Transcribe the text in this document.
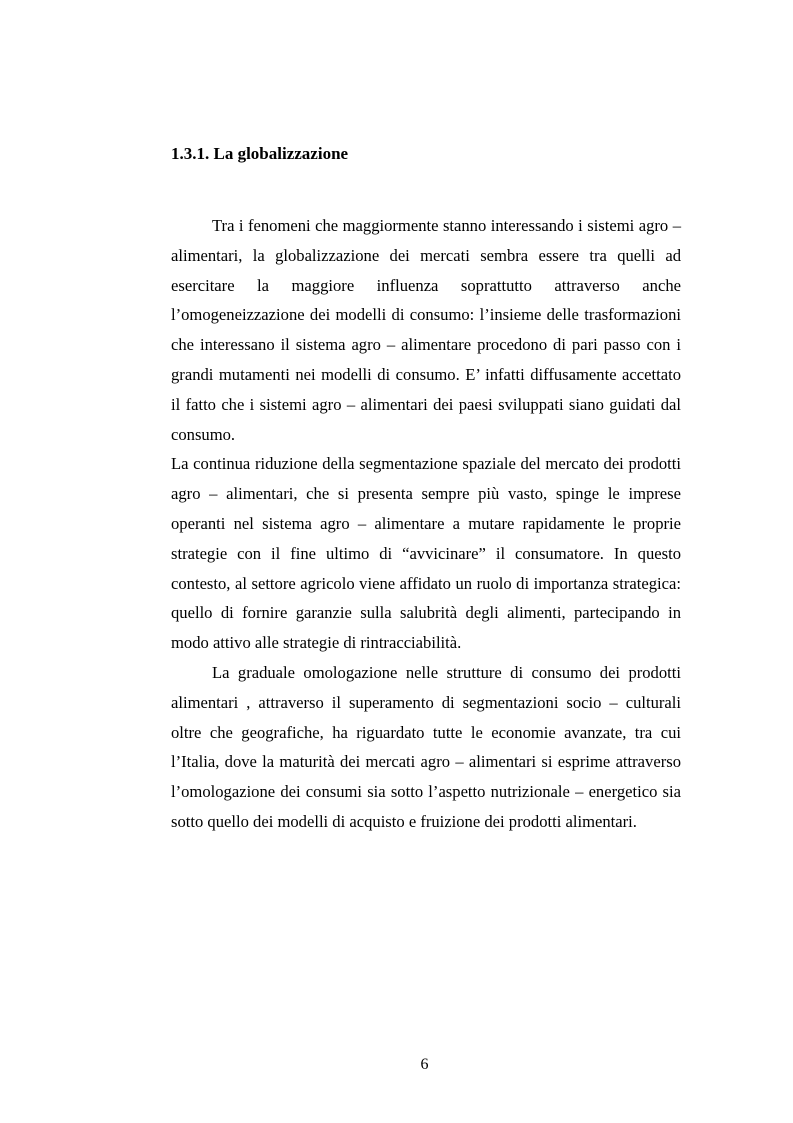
1.3.1. La globalizzazione

Tra i fenomeni che maggiormente stanno interessando i sistemi agro – alimentari, la globalizzazione dei mercati sembra essere tra quelli ad esercitare la maggiore influenza soprattutto attraverso anche l’omogeneizzazione dei modelli di consumo: l’insieme delle trasformazioni che interessano il sistema agro – alimentare procedono di pari passo con i grandi mutamenti nei modelli di consumo. E’ infatti diffusamente accettato il fatto che i sistemi agro – alimentari dei paesi sviluppati siano guidati dal consumo.

La continua riduzione della segmentazione spaziale del mercato dei prodotti agro – alimentari, che si presenta sempre più vasto, spinge le imprese operanti nel sistema agro – alimentare a mutare rapidamente le proprie strategie con il fine ultimo di “avvicinare” il consumatore. In questo contesto, al settore agricolo viene affidato un ruolo di importanza strategica: quello di fornire garanzie sulla salubrità degli alimenti, partecipando in modo attivo alle strategie di rintracciabilità.

La graduale omologazione nelle strutture di consumo dei prodotti alimentari , attraverso il superamento di segmentazioni socio – culturali oltre che geografiche, ha riguardato tutte le economie avanzate, tra cui l’Italia, dove la maturità dei mercati agro – alimentari si esprime attraverso l’omologazione dei consumi sia sotto l’aspetto nutrizionale – energetico sia sotto quello dei modelli di acquisto e fruizione dei prodotti alimentari.

6
